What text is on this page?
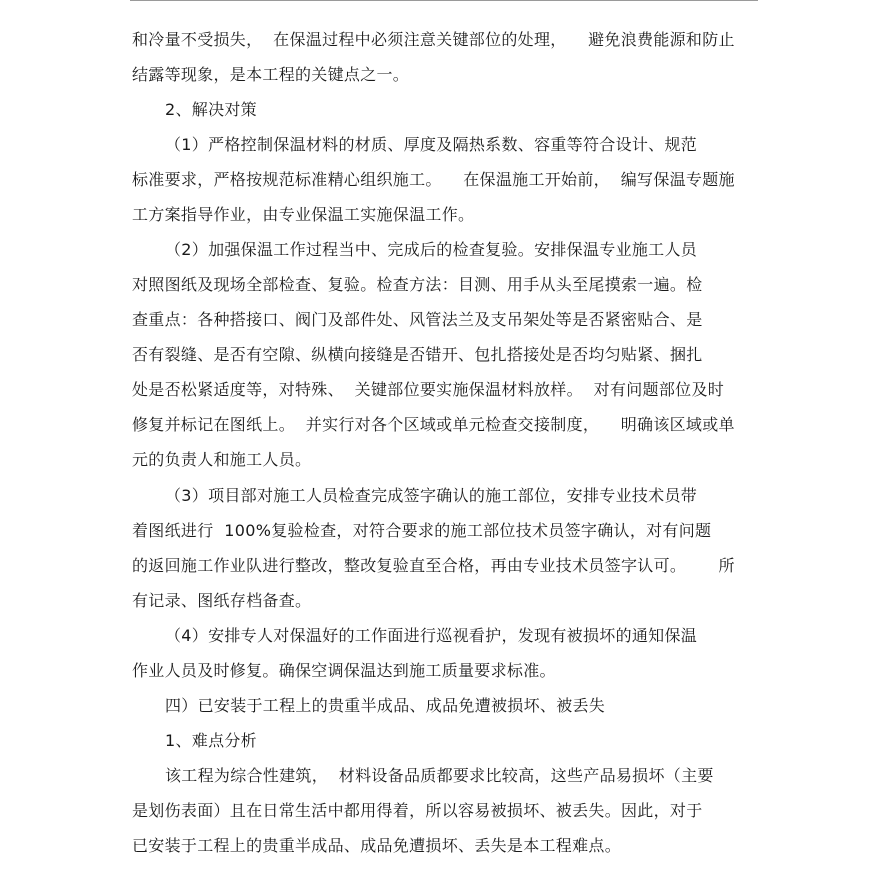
和冷量不受损失，  在保温过程中必须注意关键部位的处理，    避免浪费能源和防止
结露等现象，是本工程的关键点之一。
2、解决对策
（1）严格控制保温材料的材质、厚度及隔热系数、容重等符合设计、规范
标准要求，严格按规范标准精心组织施工。    在保温施工开始前，  编写保温专题施
工方案指导作业，由专业保温工实施保温工作。
（2）加强保温工作过程当中、完成后的检查复验。安排保温专业施工人员
对照图纸及现场全部检查、复验。检查方法：目测、用手从头至尾摸索一遍。检
查重点：各种搭接口、阀门及部件处、风管法兰及支吊架处等是否紧密贴合、是
否有裂缝、是否有空隙、纵横向接缝是否错开、包扎搭接处是否均匀贴紧、捆扎
处是否松紧适度等，对特殊、  关键部位要实施保温材料放样。  对有问题部位及时
修复并标记在图纸上。  并实行对各个区域或单元检查交接制度，    明确该区域或单
元的负责人和施工人员。
（3）项目部对施工人员检查完成签字确认的施工部位，安排专业技术员带
着图纸进行  100%复验检查，对符合要求的施工部位技术员签字确认，对有问题
的返回施工作业队进行整改，整改复验直至合格，再由专业技术员签字认可。      所
有记录、图纸存档备查。
（4）安排专人对保温好的工作面进行巡视看护，发现有被损坏的通知保温
作业人员及时修复。确保空调保温达到施工质量要求标准。
四）已安装于工程上的贵重半成品、成品免遭被损坏、被丢失
1、难点分析
该工程为综合性建筑，  材料设备品质都要求比较高，这些产品易损坏（主要
是划伤表面）且在日常生活中都用得着，所以容易被损坏、被丢失。因此，对于
已安装于工程上的贵重半成品、成品免遭损坏、丢失是本工程难点。
